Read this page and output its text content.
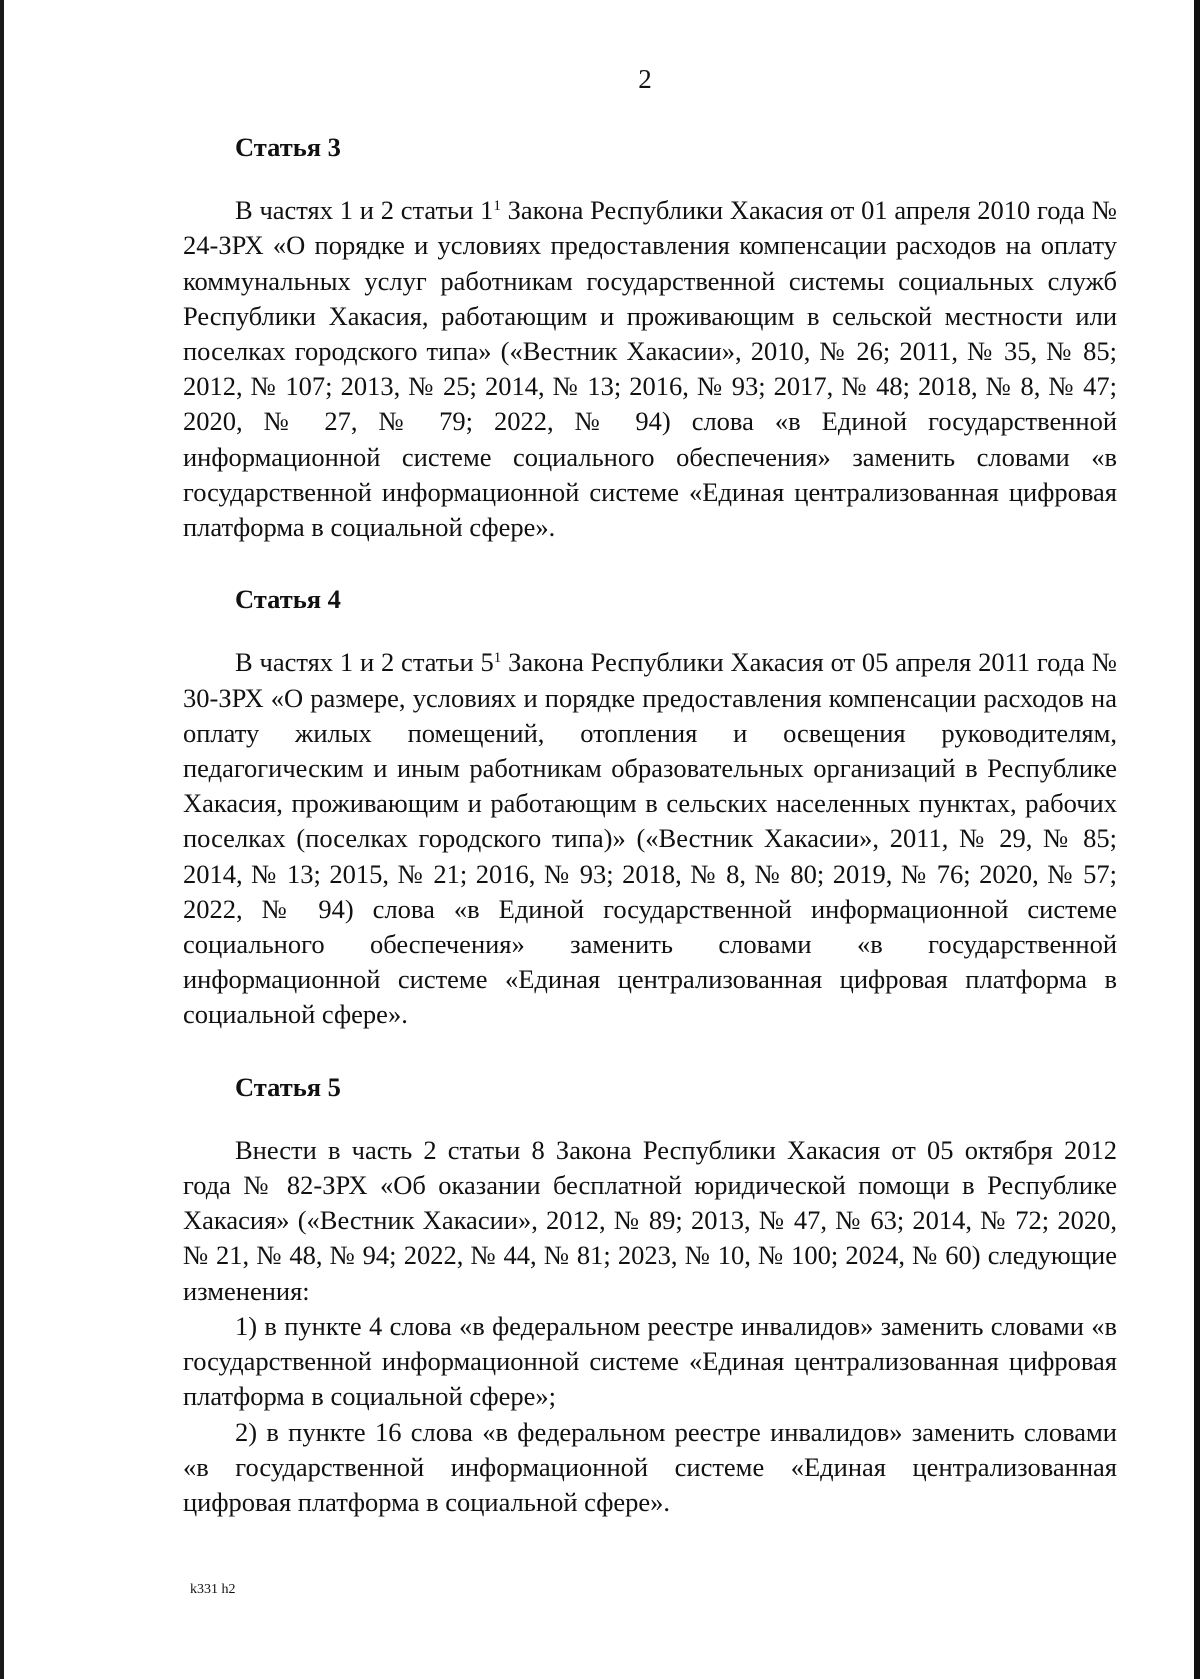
2

Статья 3

В частях 1 и 2 статьи $1^1$ Закона Республики Хакасия от 01 апреля 2010 года № 24-ЗРХ «О порядке и условиях предоставления компенсации расходов на оплату коммунальных услуг работникам государственной системы социальных служб Республики Хакасия, работающим и проживающим в сельской местности или поселках городского типа» («Вестник Хакасии», 2010, № 26; 2011, № 35, № 85; 2012, № 107; 2013, № 25; 2014, № 13; 2016, № 93; 2017, № 48; 2018, № 8, № 47; 2020, № 27, № 79; 2022, № 94) слова «в Единой государственной информационной системе социального обеспечения» заменить словами «в государственной информационной системе «Единая централизованная цифровая платформа в социальной сфере».

Статья 4

В частях 1 и 2 статьи $5^1$ Закона Республики Хакасия от 05 апреля 2011 года № 30-ЗРХ «О размере, условиях и порядке предоставления компенсации расходов на оплату жилых помещений, отопления и освещения руководителям, педагогическим и иным работникам образовательных организаций в Республике Хакасия, проживающим и работающим в сельских населенных пунктах, рабочих поселках (поселках городского типа)» («Вестник Хакасии», 2011, № 29, № 85; 2014, № 13; 2015, № 21; 2016, № 93; 2018, № 8, № 80; 2019, № 76; 2020, № 57; 2022, № 94) слова «в Единой государственной информационной системе социального обеспечения» заменить словами «в государственной информационной системе «Единая централизованная цифровая платформа в социальной сфере».

Статья 5

Внести в часть 2 статьи 8 Закона Республики Хакасия от 05 октября 2012 года № 82-ЗРХ «Об оказании бесплатной юридической помощи в Республике Хакасия» («Вестник Хакасии», 2012, № 89; 2013, № 47, № 63; 2014, № 72; 2020, № 21, № 48, № 94; 2022, № 44, № 81; 2023, № 10, № 100; 2024, № 60) следующие изменения:

1) в пункте 4 слова «в федеральном реестре инвалидов» заменить словами «в государственной информационной системе «Единая централизованная цифровая платформа в социальной сфере»;

2) в пункте 16 слова «в федеральном реестре инвалидов» заменить словами «в государственной информационной системе «Единая централизованная цифровая платформа в социальной сфере».

k331 h2
